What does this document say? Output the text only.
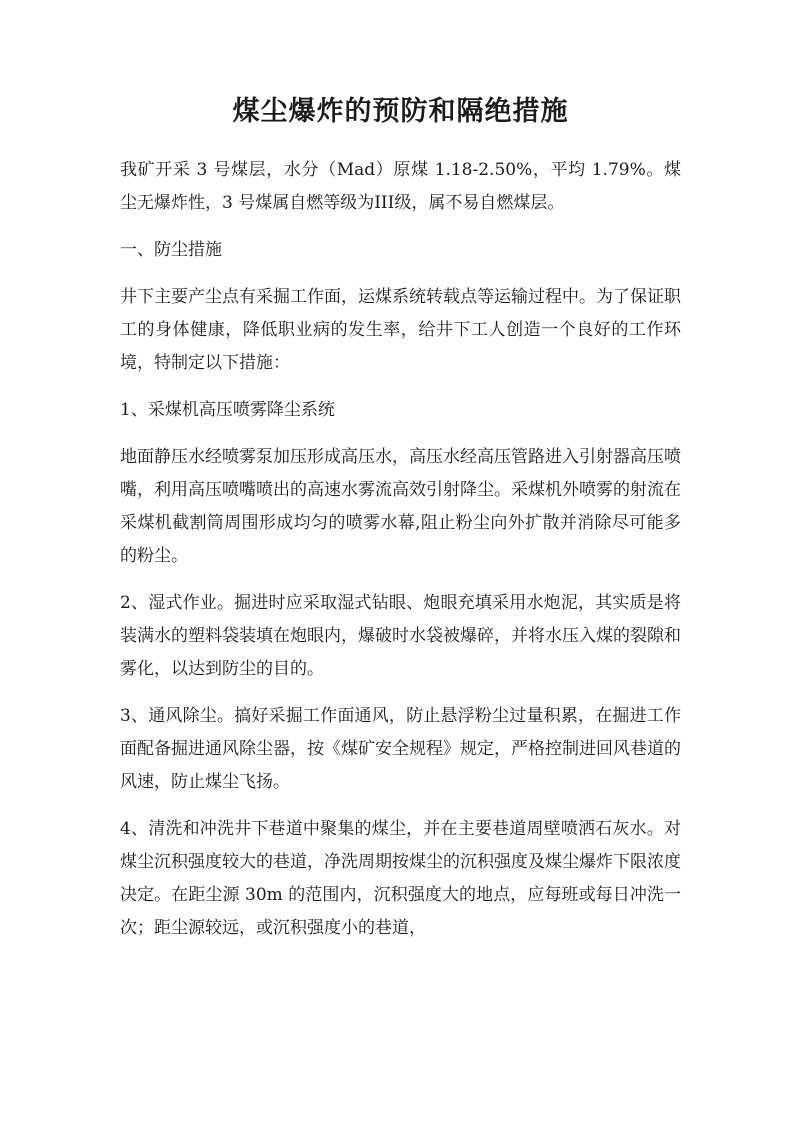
煤尘爆炸的预防和隔绝措施

我矿开采 3 号煤层，水分（Mad）原煤 1.18-2.50%，平均 1.79%。煤尘无爆炸性，3 号煤属自燃等级为III级，属不易自燃煤层。

一、防尘措施

井下主要产尘点有采掘工作面，运煤系统转载点等运输过程中。为了保证职工的身体健康，降低职业病的发生率，给井下工人创造一个良好的工作环境，特制定以下措施：

1、采煤机高压喷雾降尘系统

地面静压水经喷雾泵加压形成高压水，高压水经高压管路进入引射器高压喷嘴，利用高压喷嘴喷出的高速水雾流高效引射降尘。采煤机外喷雾的射流在采煤机截割筒周围形成均匀的喷雾水幕,阻止粉尘向外扩散并消除尽可能多的粉尘。

2、湿式作业。掘进时应采取湿式钻眼、炮眼充填采用水炮泥，其实质是将装满水的塑料袋装填在炮眼内，爆破时水袋被爆碎，并将水压入煤的裂隙和雾化，以达到防尘的目的。

3、通风除尘。搞好采掘工作面通风，防止悬浮粉尘过量积累，在掘进工作面配备掘进通风除尘器，按《煤矿安全规程》规定，严格控制进回风巷道的风速，防止煤尘飞扬。

4、清洗和冲洗井下巷道中聚集的煤尘，并在主要巷道周壁喷洒石灰水。对煤尘沉积强度较大的巷道，净洗周期按煤尘的沉积强度及煤尘爆炸下限浓度决定。在距尘源 30m 的范围内，沉积强度大的地点，应每班或每日冲洗一次；距尘源较远，或沉积强度小的巷道，
